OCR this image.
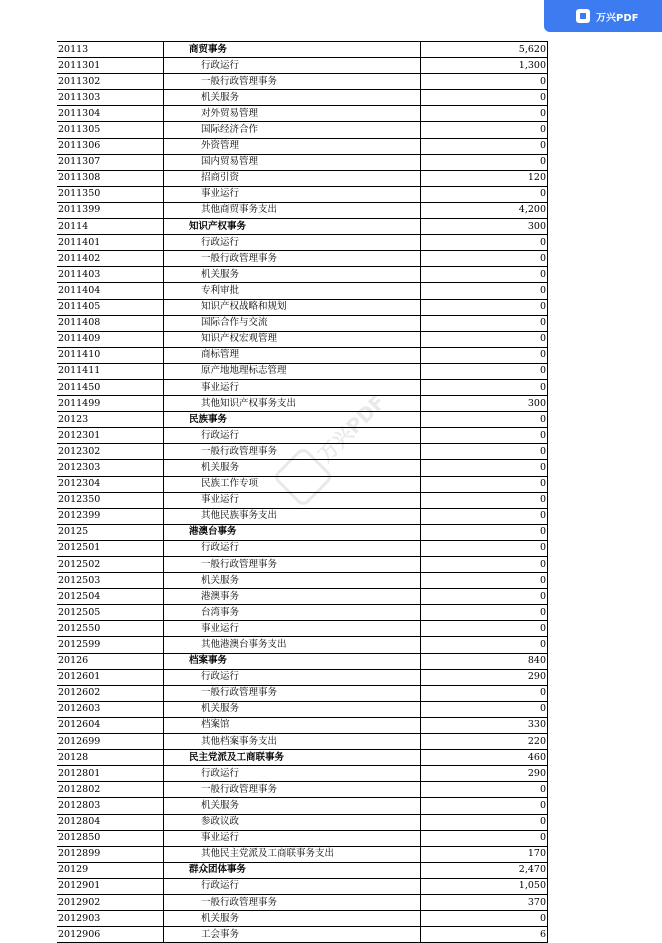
万兴PDF
万兴PDF
20113	商贸事务	5,620
2011301	行政运行	1,300
2011302	一般行政管理事务	0
2011303	机关服务	0
2011304	对外贸易管理	0
2011305	国际经济合作	0
2011306	外资管理	0
2011307	国内贸易管理	0
2011308	招商引资	120
2011350	事业运行	0
2011399	其他商贸事务支出	4,200
20114	知识产权事务	300
2011401	行政运行	0
2011402	一般行政管理事务	0
2011403	机关服务	0
2011404	专利审批	0
2011405	知识产权战略和规划	0
2011408	国际合作与交流	0
2011409	知识产权宏观管理	0
2011410	商标管理	0
2011411	原产地地理标志管理	0
2011450	事业运行	0
2011499	其他知识产权事务支出	300
20123	民族事务	0
2012301	行政运行	0
2012302	一般行政管理事务	0
2012303	机关服务	0
2012304	民族工作专项	0
2012350	事业运行	0
2012399	其他民族事务支出	0
20125	港澳台事务	0
2012501	行政运行	0
2012502	一般行政管理事务	0
2012503	机关服务	0
2012504	港澳事务	0
2012505	台湾事务	0
2012550	事业运行	0
2012599	其他港澳台事务支出	0
20126	档案事务	840
2012601	行政运行	290
2012602	一般行政管理事务	0
2012603	机关服务	0
2012604	档案馆	330
2012699	其他档案事务支出	220
20128	民主党派及工商联事务	460
2012801	行政运行	290
2012802	一般行政管理事务	0
2012803	机关服务	0
2012804	参政议政	0
2012850	事业运行	0
2012899	其他民主党派及工商联事务支出	170
20129	群众团体事务	2,470
2012901	行政运行	1,050
2012902	一般行政管理事务	370
2012903	机关服务	0
2012906	工会事务	6
